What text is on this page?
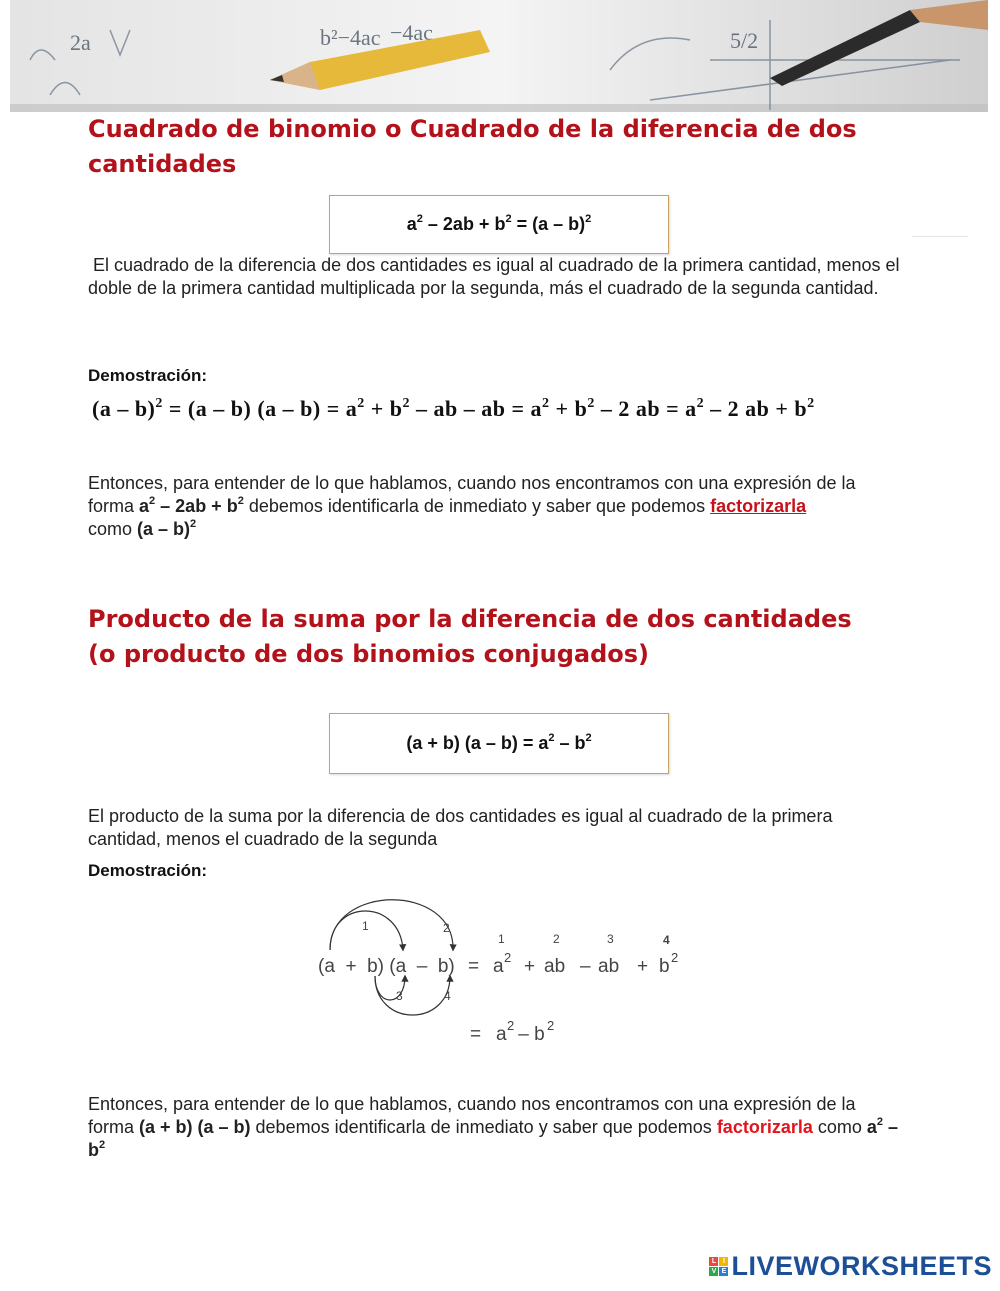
2a	b²−4ac −4ac	5/2
Cuadrado de binomio o Cuadrado de la diferencia de dos cantidades
$a^2 - 2ab + b^2 = (a - b)^2$
El cuadrado de la diferencia de dos cantidades es igual al cuadrado de la primera cantidad, menos el doble de la primera cantidad multiplicada por la segunda, más el cuadrado de la segunda cantidad.
Demostración:
(a – b)$^2$ = (a – b) $(a - b) = a^2 + b^2$ – ab – ab = $a^2 + b^2 - 2$ ab = $a^2 - 2$ ab + $b^2$
Entonces, para entender de lo que hablamos, cuando nos encontramos con una expresión de la forma $a^2 - 2ab + b^2$ debemos identificarla de inmediato y saber que podemos factorizarla
como (a – b)$^2$
Producto de la suma por la diferencia de dos cantidades
(o producto de dos binomios conjugados)
(a + b) $(a - b) = a^2 - b^2$
El producto de la suma por la diferencia de dos cantidades es igual al cuadrado de la primera cantidad, menos el cuadrado de la segunda
Demostración:
1	2
3	4
(a  +  b) (a  –  b) =
1
a 2 +
2
ab –
3
ab +
4
b 2
= a 2
– b 2
Entonces, para entender de lo que hablamos, cuando nos encontramos con una expresión de la forma (a + b) (a – b) debemos identificarla de inmediato y saber que podemos factorizarla como $a^2 - b^2$
L I
V E LIVEWORKSHEETS
